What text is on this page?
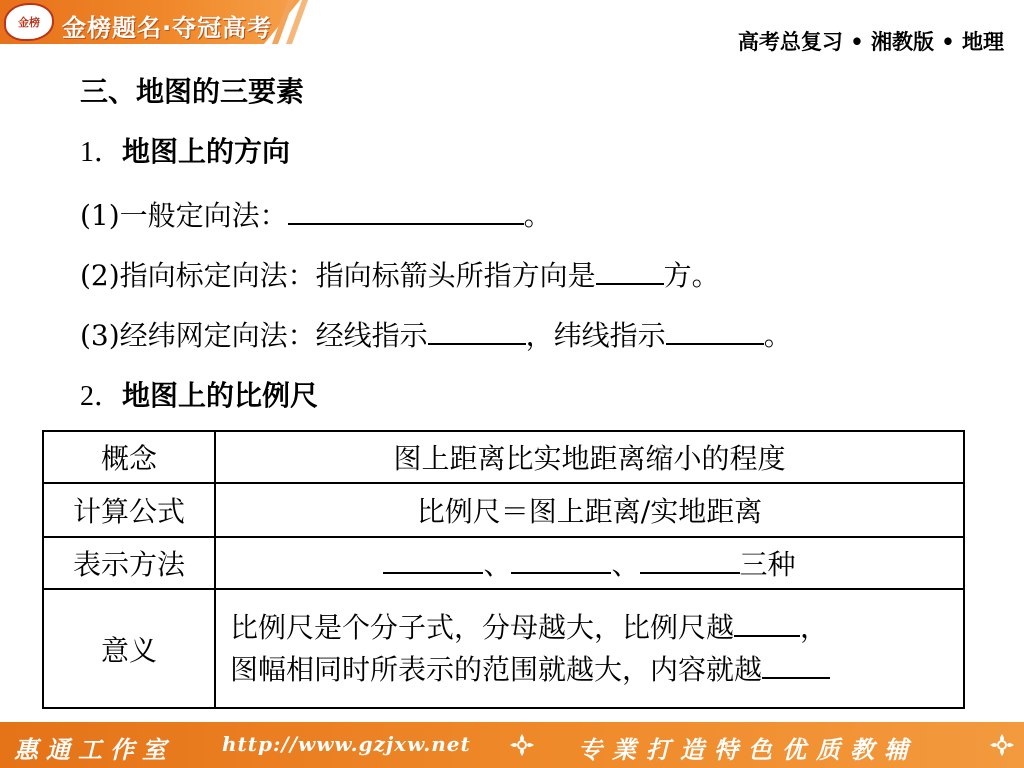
金榜 金榜题名·夺冠高考	高考总复习 • 湘教版 • 地理
三、地图的三要素
1．地图上的方向
(1)一般定向法：	。
(2)指向标定向法：指向标箭头所指方向是 方。
(3)经纬网定向法：经线指示	，纬线指示	。
2．地图上的比例尺
概念	图上距离比实地距离缩小的程度
计算公式	比例尺＝图上距离/实地距离
表示方法	、 、 三种
意义	比例尺是个分子式，分母越大，比例尺越 ，
图幅相同时所表示的范围就越大，内容就越
惠通工作室 http://www.gzjxw.net	专業打造特色优质教辅
